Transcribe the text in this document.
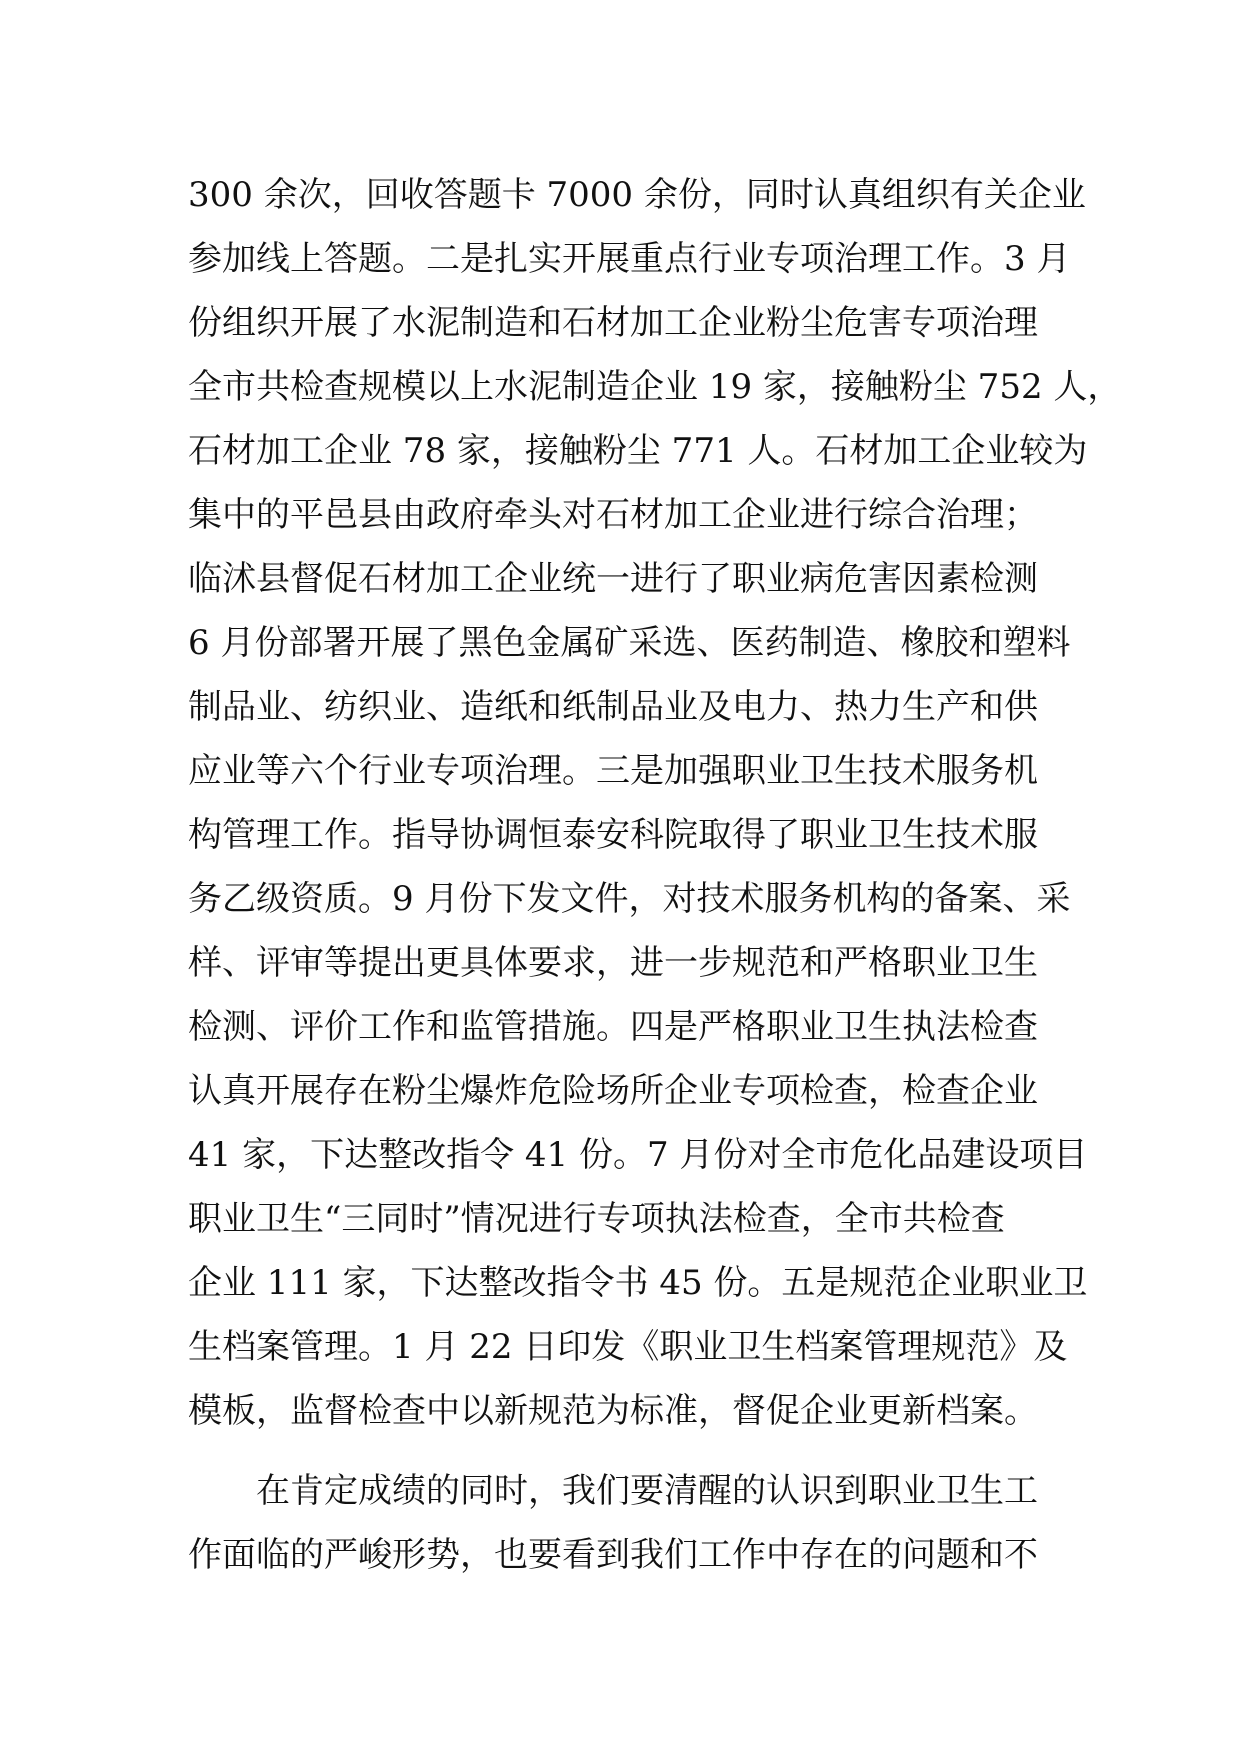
300 余次，回收答题卡 7000 余份，同时认真组织有关企业
参加线上答题。二是扎实开展重点行业专项治理工作。3 月
份组织开展了水泥制造和石材加工企业粉尘危害专项治理
全市共检查规模以上水泥制造企业 19 家，接触粉尘 752 人，
石材加工企业 78 家，接触粉尘 771 人。石材加工企业较为
集中的平邑县由政府牵头对石材加工企业进行综合治理；
临沭县督促石材加工企业统一进行了职业病危害因素检测
6 月份部署开展了黑色金属矿采选、医药制造、橡胶和塑料
制品业、纺织业、造纸和纸制品业及电力、热力生产和供
应业等六个行业专项治理。三是加强职业卫生技术服务机
构管理工作。指导协调恒泰安科院取得了职业卫生技术服
务乙级资质。9 月份下发文件，对技术服务机构的备案、采
样、评审等提出更具体要求，进一步规范和严格职业卫生
检测、评价工作和监管措施。四是严格职业卫生执法检查
认真开展存在粉尘爆炸危险场所企业专项检查，检查企业
41 家，下达整改指令 41 份。7 月份对全市危化品建设项目
职业卫生“三同时”情况进行专项执法检查，全市共检查
企业 111 家，下达整改指令书 45 份。五是规范企业职业卫
生档案管理。1 月 22 日印发《职业卫生档案管理规范》及
模板，监督检查中以新规范为标准，督促企业更新档案。
在肯定成绩的同时，我们要清醒的认识到职业卫生工
作面临的严峻形势，也要看到我们工作中存在的问题和不
